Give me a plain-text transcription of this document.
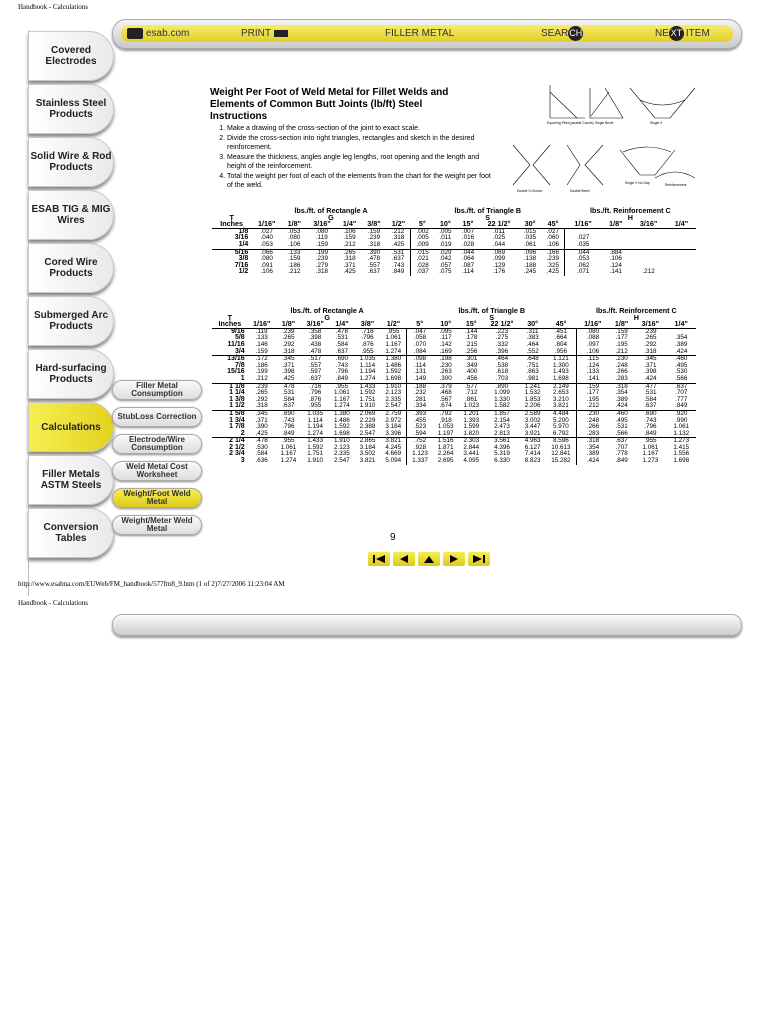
Handbook - Calculations
esab.com	PRINT	FILLER METAL	SEARCH	NE XT ITEM
Covered Electrodes
Stainless Steel Products
Solid Wire & Rod Products
ESAB TIG & MIG Wires
Cored Wire Products
Submerged Arc Products
Hard-surfacing Products
Calculations
Filler Metals ASTM Steels
Conversion Tables
Filler Metal Consumption
StubLoss Correction
Electrode/Wire Consumption
Weld Metal Cost Worksheet
Weight/Foot Weld Metal
Weight/Meter Weld Metal
Weight Per Foot of Weld Metal for Fillet Welds and Elements of Common Butt Joints (lb/ft) Steel Instructions
1. Make a drawing of the cross-section of the joint to exact scale.
2. Divide the cross-section into right triangles, rectangles and sketch in the desired reinforcement.
3. Measure the thickness, angles angle leg lengths, root opening and the length and height of the reinforcement.
4. Total the weight per foot of each of the elements from the chart for the weight per foot of the weld.
Equal leg Fillet (parallel Counts) Single Bevel	Single V
Double V-Groove	Double Bevel
Single V No Gap	Reinforcement
	lbs./ft. of Rectangle A						lbs./ft. of Triangle B						lbs./ft. Reinforcement C			
T	G						S						H			
Inches	1/16"	1/8"	3/16"	1/4"	3/8"	1/2"	5°	10°	15°	22 1/2°	30°	45°	1/16"	1/8"	3/16"	1/4"
1/8	.027	.053	.080	.106	.159	.212	.002	.005	.007	.011	.015	.027				
3/16	.040	.080	.119	.159	.239	.318	.005	.011	.016	.025	.035	.060	.027			
1/4	.053	.106	.159	.212	.318	.425	.009	.019	.028	.044	.061	.106	.035			
5/16	.066	.133	.199	.265	.390	.531	.015	.029	.044	.069	.096	.166	.044	.884		
3/8	.080	.159	.239	.318	.478	.637	.021	.042	.064	.099	.138	.239	.053	.106		
7/16	.091	.186	.279	.371	.557	.743	.028	.057	.087	.129	.188	.325	.062	.124		
1/2	.106	.212	.318	.425	.637	.849	.037	.075	.114	.176	.245	.425	.071	.141	.212	
	lbs./ft. of Rectangle A						lbs./ft. of Triangle B						lbs./ft. Reinforcement C			
T	G						S						H			
Inches	1/16"	1/8"	3/16"	1/4"	3/8"	1/2"	5°	10°	15°	22 1/2°	30°	45°	1/16"	1/8"	3/16"	1/4"
9/16	.119	.239	.358	.478	.716	.955	.047	.095	.144	.223	.311	.451	.080	.159	.239	
5/8	.133	.265	.398	.531	.796	1.061	.058	.117	.178	.275	.383	.664	.088	.177	.265	.354
11/16	.146	.292	.438	.584	.876	1.167	.070	.142	.215	.332	.464	.804	.097	.195	.292	.389
3/4	.159	.318	.478	.637	.955	1.274	.084	.169	.256	.396	.552	.956	.106	.212	.318	.424
13/16	.172	.345	.517	.690	1.035	1.380	.098	.198	.301	.464	.648	1.121	.115	.230	.345	.460
7/8	.186	.371	.557	.743	1.114	1.486	.114	.230	.349	.538	.751	1.300	.124	.248	.371	.495
15/16	.199	.398	.597	.796	1.194	1.592	.131	.263	.400	.618	.863	1.493	.133	.266	.398	.530
1	.212	.425	.637	.849	1.274	1.698	.149	.300	.456	.703	.981	1.698	.141	.283	.424	.566
1 1/8	.239	.478	.716	.955	1.433	1.910	.188	.379	.577	.890	1.241	2.149	.159	.318	.477	.637
1 1/4	.265	.531	.796	1.061	1.592	2.123	.232	.468	.712	1.099	1.532	2.653	.177	.354	.531	.707
1 3/8	.292	.584	.876	1.167	1.751	2.335	.281	.567	.861	1.330	1.853	3.210	.195	.389	.584	.777
1 1/2	.318	.637	.955	1.274	1.910	2.547	.334	.674	1.023	1.582	2.206	3.821	.212	.424	.637	.849
1 5/8	.345	.690	1.035	1.380	2.069	2.759	.393	.792	1.201	1.857	2.589	4.484	.230	.460	.690	.920
1 3/4	.371	.743	1.114	1.486	2.229	2.972	.455	.918	1.393	2.154	3.002	5.200	.248	.495	.743	.990
1 7/8	.390	.796	1.194	1.592	2.388	3.184	.523	1.053	1.599	2.473	3.447	5.970	.266	.531	.796	1.061
2	.425	.849	1.274	1.698	2.547	3.396	.594	1.197	1.820	2.813	3.921	6.792	.283	.566	.849	1.132
2 1/4	.478	.955	1.433	1.910	2.865	3.821	.752	1.516	2.303	3.561	4.963	8.596	.318	.637	.955	1.273
2 1/2	.530	1.061	1.592	2.123	3.184	4.245	.928	1.871	2.844	4.396	6.127	10.613	.354	.707	1.061	1.415
2 3/4	.584	1.167	1.751	2.335	3.502	4.669	1.123	2.264	3.441	5.319	7.414	12.841	.389	.778	1.167	1.556
3	.636	1.274	1.910	2.547	3.821	5.094	1.337	2.695	4.095	6.330	8.823	15.282	.424	.849	1.273	1.698
9
http://www.esabna.com/EUWeb/FM_handbook/577fm8_9.htm (1 of 2)7/27/2006 11:23:04 AM
Handbook - Calculations
